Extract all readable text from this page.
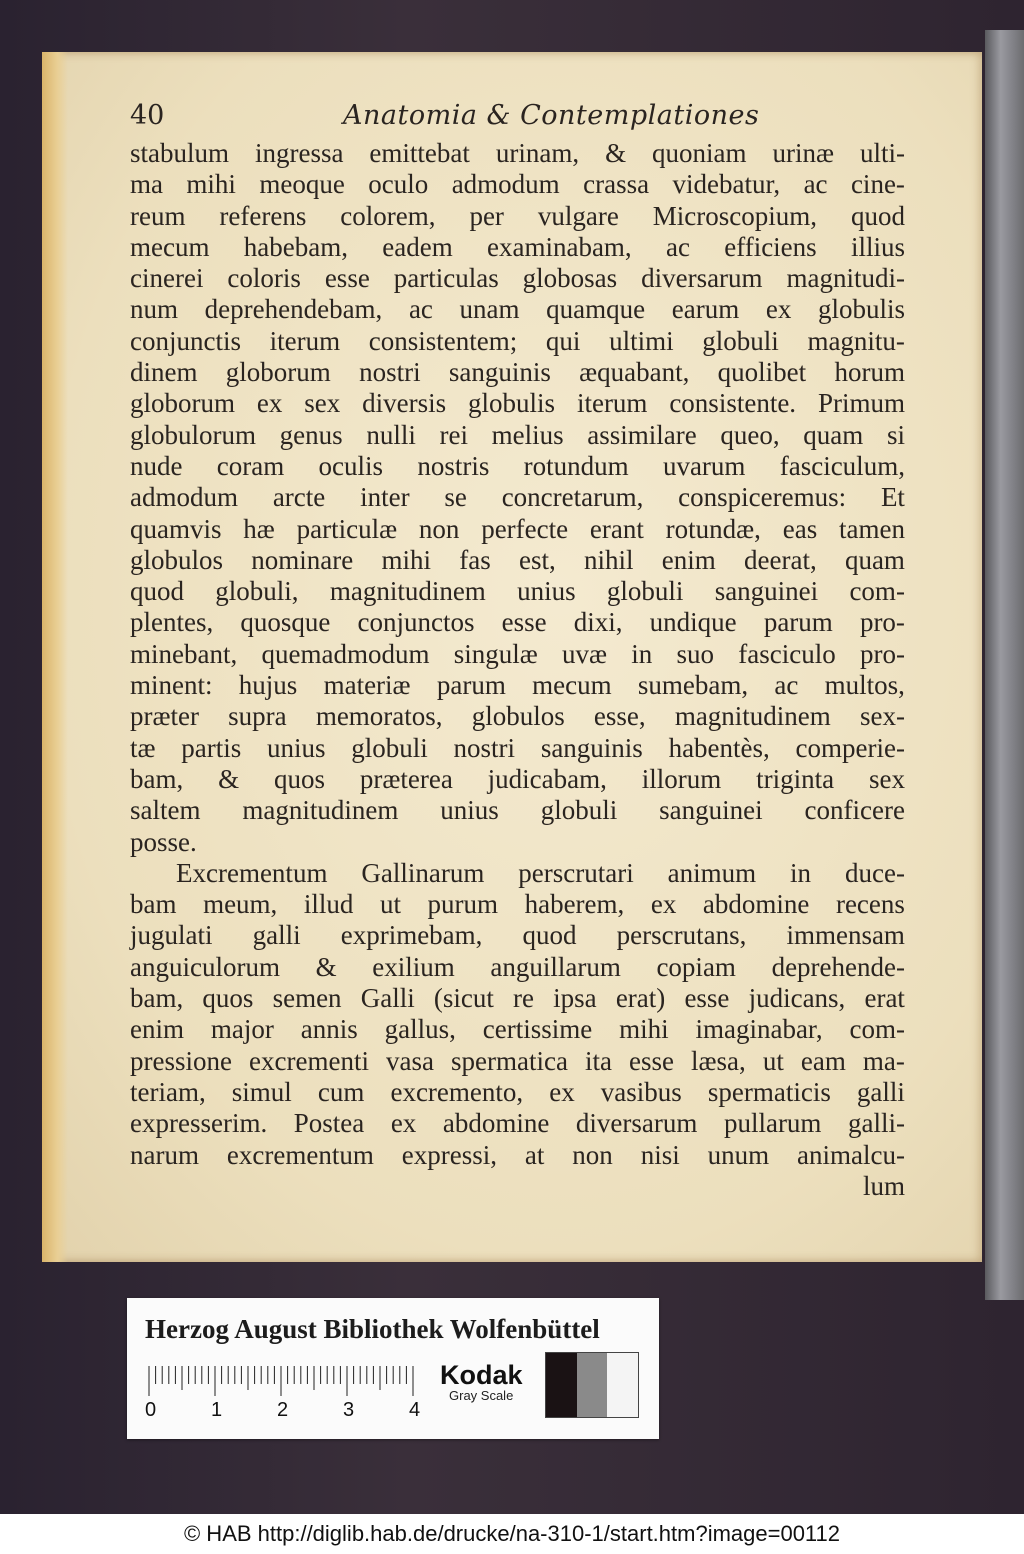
40	Anatomia & Contemplationes
stabulum ingressa emittebat urinam, & quoniam urinæ ulti-
ma mihi meoque oculo admodum crassa videbatur, ac cine-
reum referens colorem, per vulgare Microscopium, quod
mecum habebam, eadem examinabam, ac efficiens illius
cinerei coloris esse particulas globosas diversarum magnitudi-
num deprehendebam, ac unam quamque earum ex globulis
conjunctis iterum consistentem; qui ultimi globuli magnitu-
dinem globorum nostri sanguinis æquabant, quolibet horum
globorum ex sex diversis globulis iterum consistente. Primum
globulorum genus nulli rei melius assimilare queo, quam si
nude coram oculis nostris rotundum uvarum fasciculum,
admodum arcte inter se concretarum, conspiceremus: Et
quamvis hæ particulæ non perfecte erant rotundæ, eas tamen
globulos nominare mihi fas est, nihil enim deerat, quam
quod globuli, magnitudinem unius globuli sanguinei com-
plentes, quosque conjunctos esse dixi, undique parum pro-
minebant, quemadmodum singulæ uvæ in suo fasciculo pro-
minent: hujus materiæ parum mecum sumebam, ac multos,
præter supra memoratos, globulos esse, magnitudinem sex-
tæ partis unius globuli nostri sanguinis habentès, comperie-
bam, & quos præterea judicabam, illorum triginta sex
saltem magnitudinem unius globuli sanguinei conficere
posse.
Excrementum Gallinarum perscrutari animum in duce-
bam meum, illud ut purum haberem, ex abdomine recens
jugulati galli exprimebam, quod perscrutans, immensam
anguiculorum & exilium anguillarum copiam deprehende-
bam, quos semen Galli (sicut re ipsa erat) esse judicans, erat
enim major annis gallus, certissime mihi imaginabar, com-
pressione excrementi vasa spermatica ita esse læsa, ut eam ma-
teriam, simul cum excremento, ex vasibus spermaticis galli
expresserim. Postea ex abdomine diversarum pullarum galli-
narum excrementum expressi, at non nisi unum animalcu-
lum
Herzog August Bibliothek Wolfenbüttel
0	1	2	3	4
Kodak
Gray Scale
© HAB http://diglib.hab.de/drucke/na-310-1/start.htm?image=00112
